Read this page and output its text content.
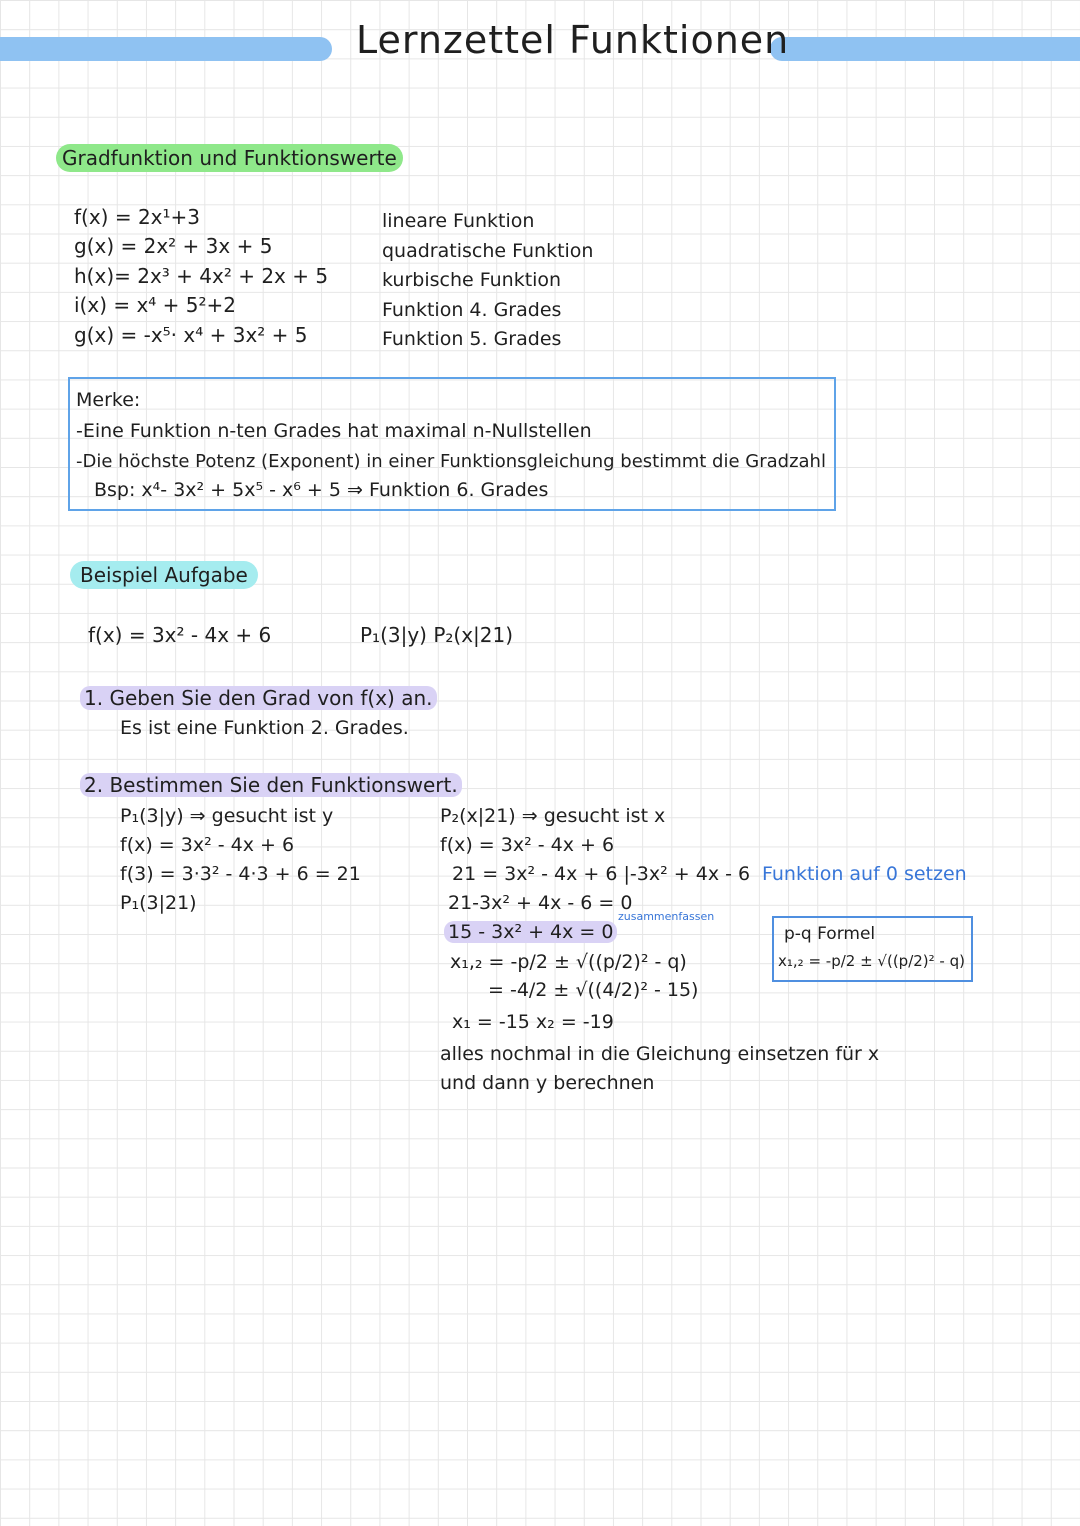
Lernzettel Funktionen
Gradfunktion und Funktionswerte
f(x) = 2x¹+3
g(x) = 2x² + 3x + 5
h(x)= 2x³ + 4x² + 2x + 5
i(x) = x⁴ + 5²+2
g(x) = -x⁵· x⁴ + 3x² + 5
lineare Funktion
quadratische Funktion
kurbische Funktion
Funktion 4. Grades
Funktion 5. Grades
Merke:
-Eine Funktion n-ten Grades hat maximal n-Nullstellen
-Die höchste Potenz (Exponent) in einer Funktionsgleichung bestimmt die Gradzahl
Bsp: x⁴- 3x² + 5x⁵ - x⁶ + 5 ⇒ Funktion 6. Grades
Beispiel Aufgabe
f(x) = 3x² - 4x + 6	P₁(3|y) P₂(x|21)
1. Geben Sie den Grad von f(x) an.
Es ist eine Funktion 2. Grades.
2. Bestimmen Sie den Funktionswert.
P₁(3|y) ⇒ gesucht ist y
f(x) = 3x² - 4x + 6
f(3) = 3·3² - 4·3 + 6 = 21
P₁(3|21)
P₂(x|21) ⇒ gesucht ist x
f(x) = 3x² - 4x + 6
21 = 3x² - 4x + 6 |-3x² + 4x - 6
21-3x² + 4x - 6 = 0
15 - 3x² + 4x = 0
x₁,₂ = -p/2 ± √((p/2)² - q)
= -4/2 ± √((4/2)² - 15)
x₁ = -15 x₂ = -19
alles nochmal in die Gleichung einsetzen für x
und dann y berechnen
Funktion auf 0 setzen
zusammenfassen
p-q Formel
x₁,₂ = -p/2 ± √((p/2)² - q)
